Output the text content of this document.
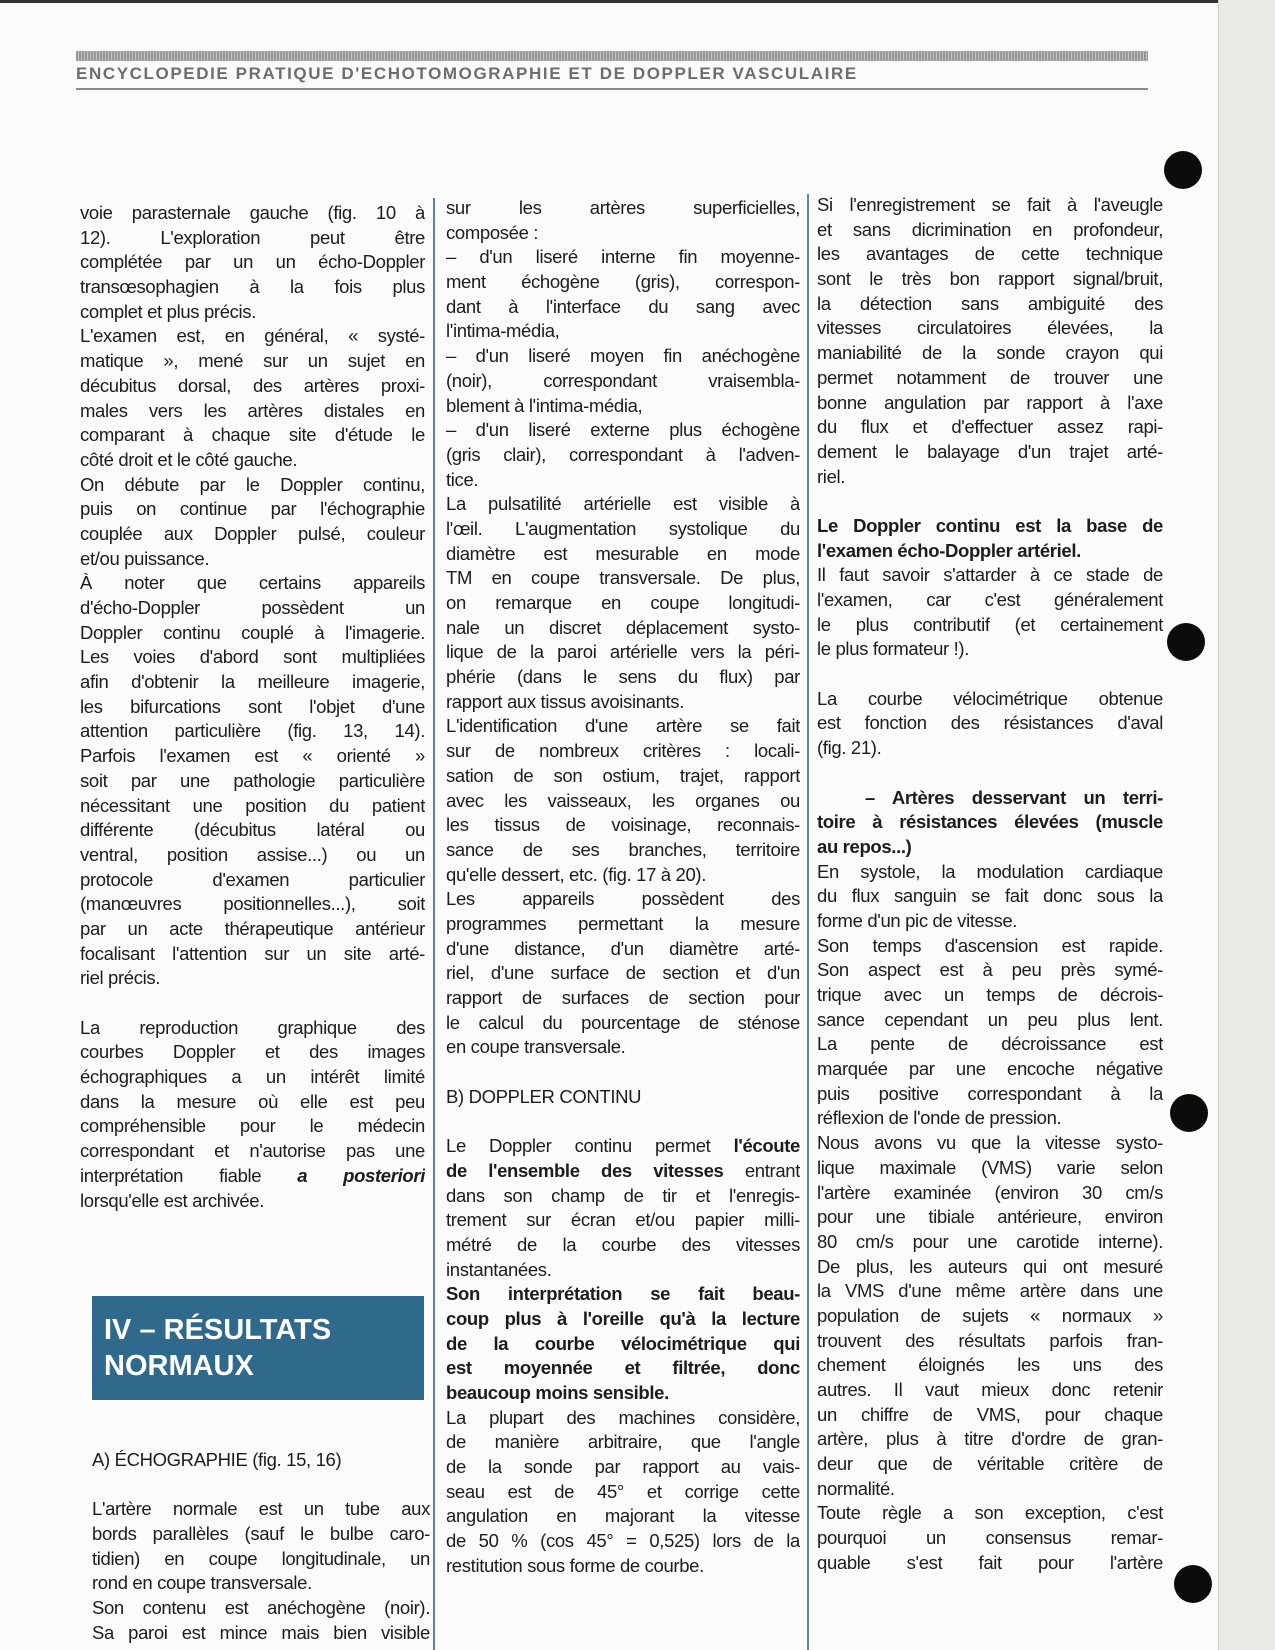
ENCYCLOPEDIE PRATIQUE D'ECHOTOMOGRAPHIE ET DE DOPPLER VASCULAIRE
voie parasternale gauche (fig. 10 à
12). L'exploration peut être
complétée par un un écho-Doppler
transœsophagien à la fois plus
complet et plus précis.
L'examen est, en général, « systé-
matique », mené sur un sujet en
décubitus dorsal, des artères proxi-
males vers les artères distales en
comparant à chaque site d'étude le
côté droit et le côté gauche.
On débute par le Doppler continu,
puis on continue par l'échographie
couplée aux Doppler pulsé, couleur
et/ou puissance.
À noter que certains appareils
d'écho-Doppler possèdent un
Doppler continu couplé à l'imagerie.
Les voies d'abord sont multipliées
afin d'obtenir la meilleure imagerie,
les bifurcations sont l'objet d'une
attention particulière (fig. 13, 14).
Parfois l'examen est « orienté »
soit par une pathologie particulière
nécessitant une position du patient
différente (décubitus latéral ou
ventral, position assise...) ou un
protocole d'examen particulier
(manœuvres positionnelles...), soit
par un acte thérapeutique antérieur
focalisant l'attention sur un site arté-
riel précis.
La reproduction graphique des
courbes Doppler et des images
échographiques a un intérêt limité
dans la mesure où elle est peu
compréhensible pour le médecin
correspondant et n'autorise pas une
interprétation fiable a posteriori
lorsqu'elle est archivée.
IV – RÉSULTATS
NORMAUX
A) ÉCHOGRAPHIE (fig. 15, 16)
L'artère normale est un tube aux
bords parallèles (sauf le bulbe caro-
tidien) en coupe longitudinale, un
rond en coupe transversale.
Son contenu est anéchogène (noir).
Sa paroi est mince mais bien visible
sur les artères superficielles,
composée :
– d'un liseré interne fin moyenne-
ment échogène (gris), correspon-
dant à l'interface du sang avec
l'intima-média,
– d'un liseré moyen fin anéchogène
(noir), correspondant vraisembla-
blement à l'intima-média,
– d'un liseré externe plus échogène
(gris clair), correspondant à l'adven-
tice.
La pulsatilité artérielle est visible à
l'œil. L'augmentation systolique du
diamètre est mesurable en mode
TM en coupe transversale. De plus,
on remarque en coupe longitudi-
nale un discret déplacement systo-
lique de la paroi artérielle vers la péri-
phérie (dans le sens du flux) par
rapport aux tissus avoisinants.
L'identification d'une artère se fait
sur de nombreux critères : locali-
sation de son ostium, trajet, rapport
avec les vaisseaux, les organes ou
les tissus de voisinage, reconnais-
sance de ses branches, territoire
qu'elle dessert, etc. (fig. 17 à 20).
Les appareils possèdent des
programmes permettant la mesure
d'une distance, d'un diamètre arté-
riel, d'une surface de section et d'un
rapport de surfaces de section pour
le calcul du pourcentage de sténose
en coupe transversale.
B) DOPPLER CONTINU
Le Doppler continu permet l'écoute
de l'ensemble des vitesses entrant
dans son champ de tir et l'enregis-
trement sur écran et/ou papier milli-
métré de la courbe des vitesses
instantanées.
Son interprétation se fait beau-
coup plus à l'oreille qu'à la lecture
de la courbe vélocimétrique qui
est moyennée et filtrée, donc
beaucoup moins sensible.
La plupart des machines considère,
de manière arbitraire, que l'angle
de la sonde par rapport au vais-
seau est de 45° et corrige cette
angulation en majorant la vitesse
de 50 % (cos 45° = 0,525) lors de la
restitution sous forme de courbe.
Si l'enregistrement se fait à l'aveugle
et sans dicrimination en profondeur,
les avantages de cette technique
sont le très bon rapport signal/bruit,
la détection sans ambiguité des
vitesses circulatoires élevées, la
maniabilité de la sonde crayon qui
permet notamment de trouver une
bonne angulation par rapport à l'axe
du flux et d'effectuer assez rapi-
dement le balayage d'un trajet arté-
riel.
Le Doppler continu est la base de
l'examen écho-Doppler artériel.
Il faut savoir s'attarder à ce stade de
l'examen, car c'est généralement
le plus contributif (et certainement
le plus formateur !).
La courbe vélocimétrique obtenue
est fonction des résistances d'aval
(fig. 21).
– Artères desservant un terri-
toire à résistances élevées (muscle
au repos...)
En systole, la modulation cardiaque
du flux sanguin se fait donc sous la
forme d'un pic de vitesse.
Son temps d'ascension est rapide.
Son aspect est à peu près symé-
trique avec un temps de décrois-
sance cependant un peu plus lent.
La pente de décroissance est
marquée par une encoche négative
puis positive correspondant à la
réflexion de l'onde de pression.
Nous avons vu que la vitesse systo-
lique maximale (VMS) varie selon
l'artère examinée (environ 30 cm/s
pour une tibiale antérieure, environ
80 cm/s pour une carotide interne).
De plus, les auteurs qui ont mesuré
la VMS d'une même artère dans une
population de sujets « normaux »
trouvent des résultats parfois fran-
chement éloignés les uns des
autres. Il vaut mieux donc retenir
un chiffre de VMS, pour chaque
artère, plus à titre d'ordre de gran-
deur que de véritable critère de
normalité.
Toute règle a son exception, c'est
pourquoi un consensus remar-
quable s'est fait pour l'artère
